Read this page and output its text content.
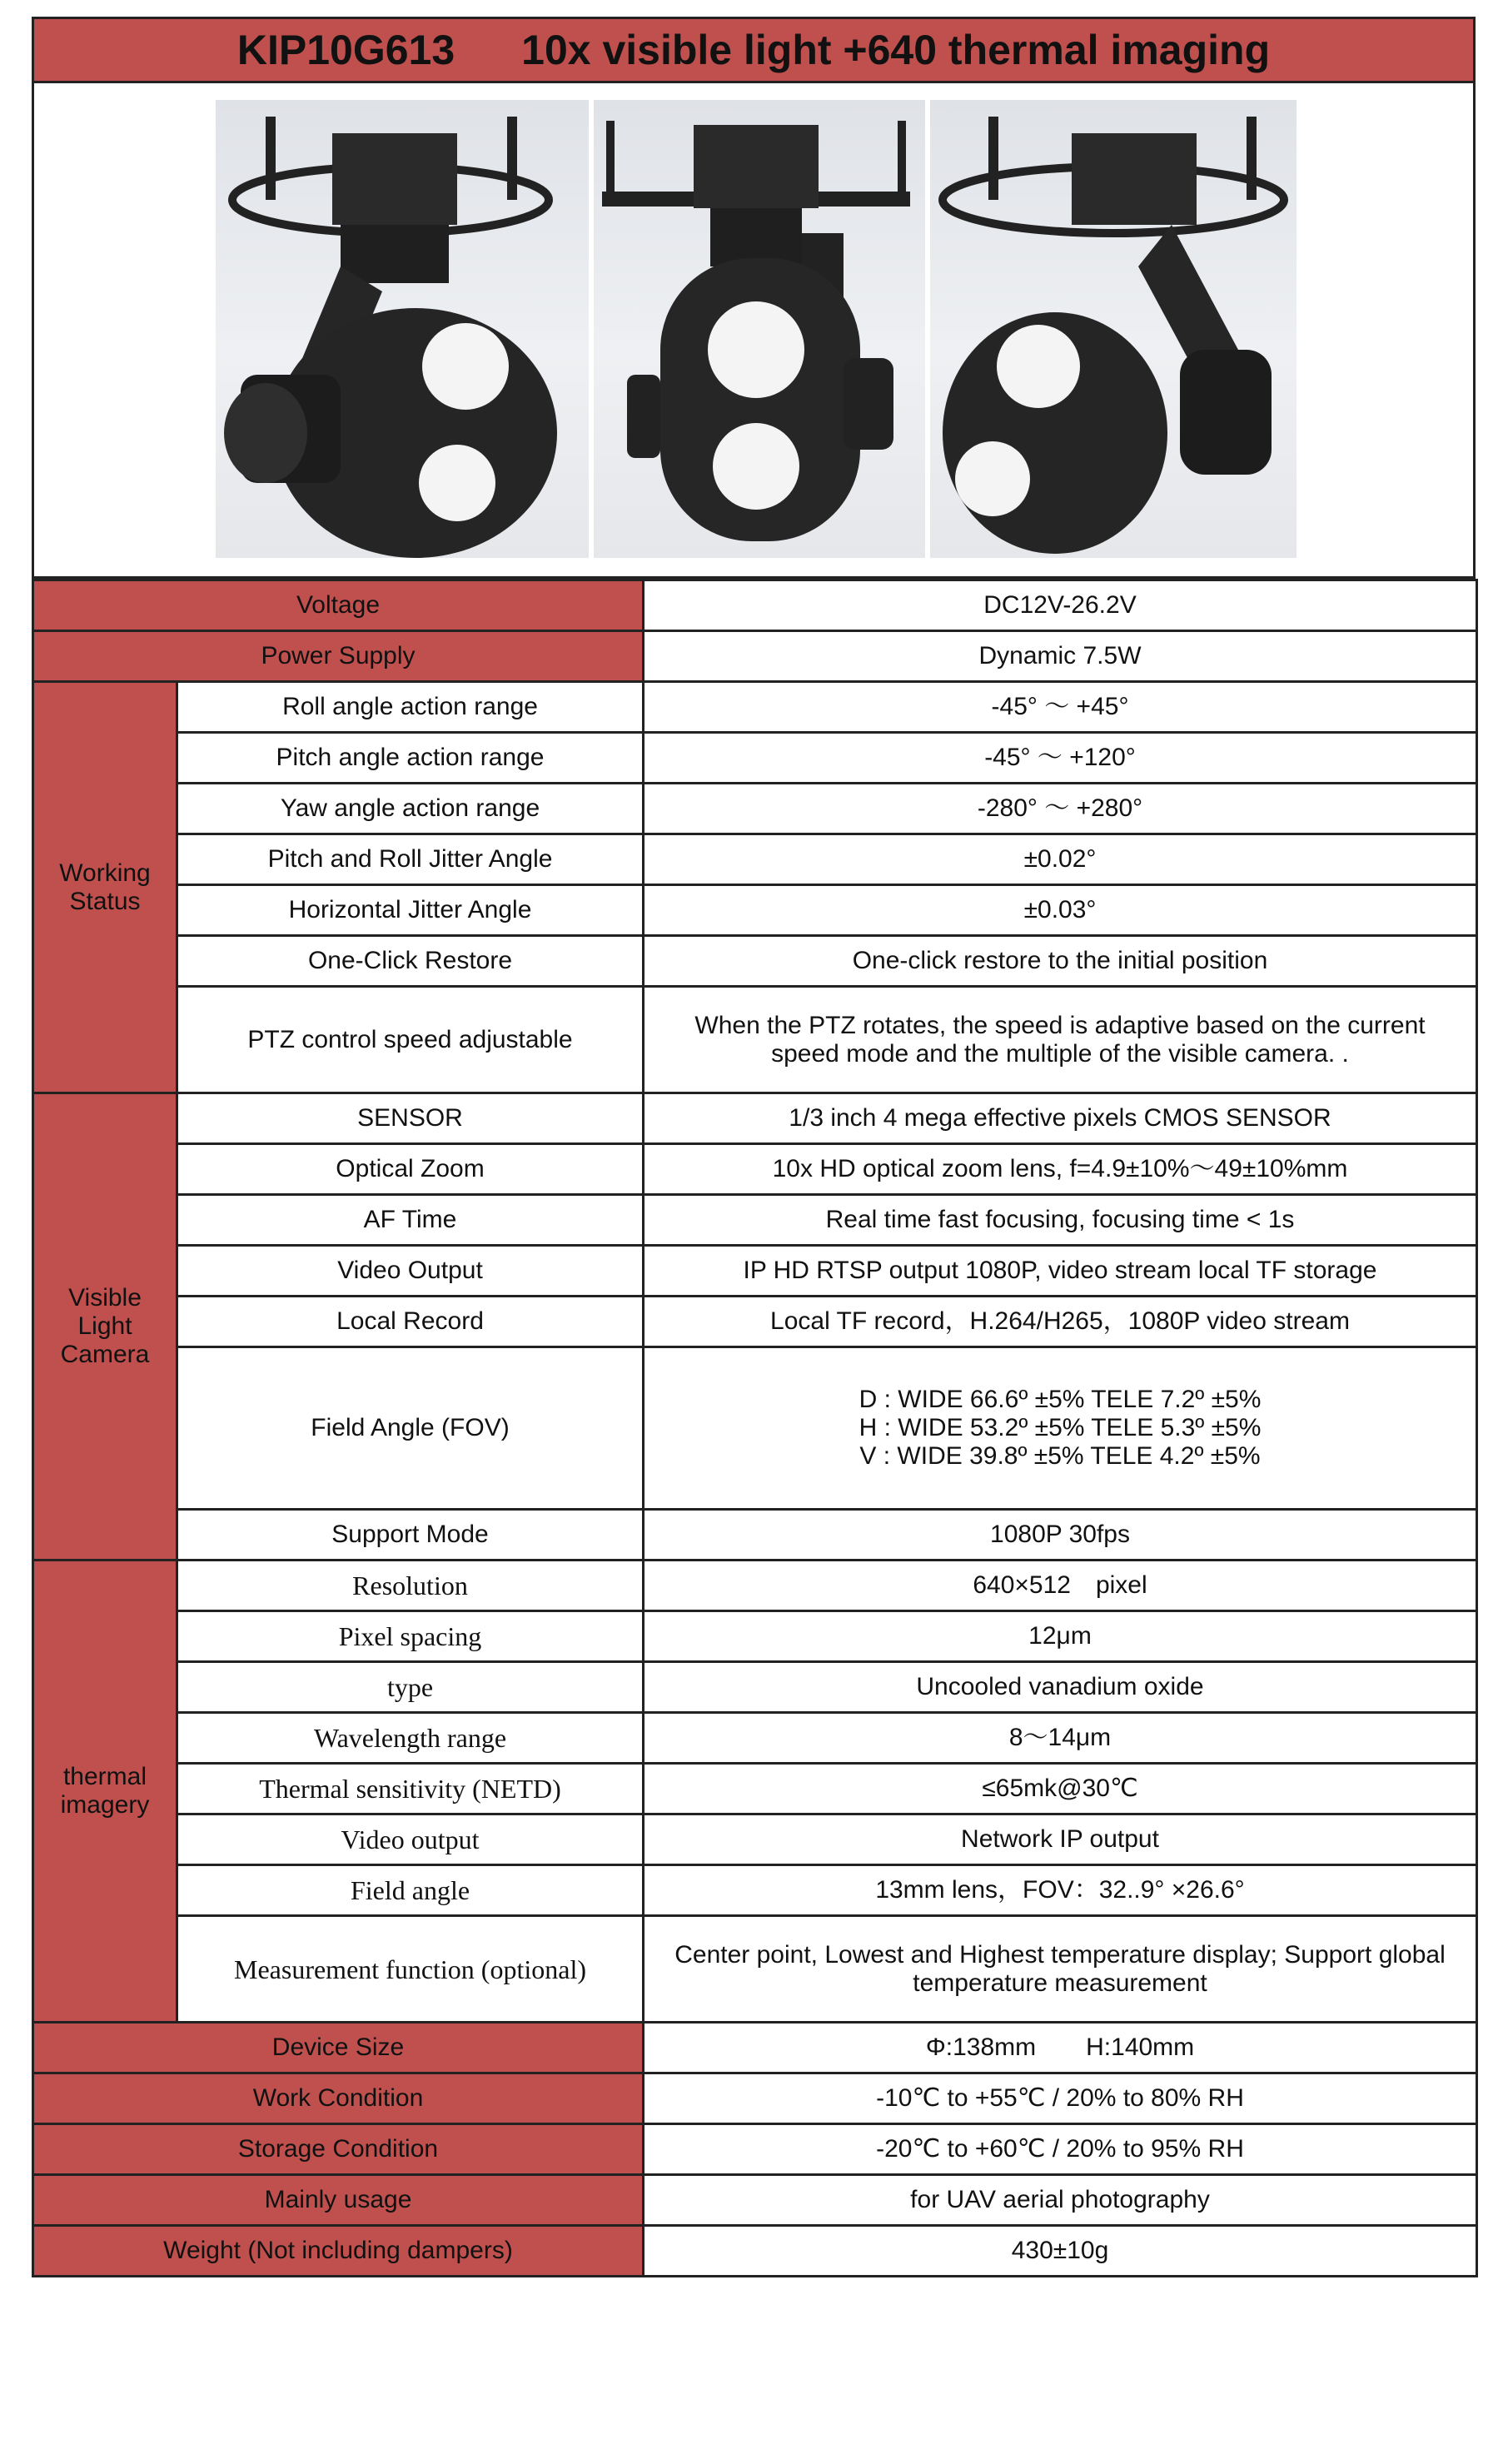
KIP10G613 10x visible light +640 thermal imaging
Voltage		DC12V-26.2V
Power Supply		Dynamic 7.5W

Working
Status	Roll angle action range	-45° ～ +45°
	Pitch angle action range	-45° ～ +120°
	Yaw angle action range	-280° ～ +280°
	Pitch and Roll Jitter Angle	±0.02°
	Horizontal Jitter Angle	±0.03°
	One-Click Restore	One-click restore to the initial position
	PTZ control speed adjustable	When the PTZ rotates, the speed is adaptive based on the current
speed mode and the multiple of the visible camera. .

Visible
Light
Camera	SENSOR	1/3 inch 4 mega effective pixels CMOS SENSOR
	Optical Zoom	10x HD optical zoom lens, f=4.9±10%～49±10%mm
	AF Time	Real time fast focusing, focusing time < 1s
	Video Output	IP HD RTSP output 1080P, video stream local TF storage
	Local Record	Local TF record，H.264/H265，1080P video stream
	Field Angle (FOV)	D : WIDE 66.6º ±5% TELE 7.2º ±5%
H : WIDE 53.2º ±5% TELE 5.3º ±5%
V : WIDE 39.8º ±5% TELE 4.2º ±5%

	Support Mode	1080P 30fps

thermal
imagery	Resolution	640×512　pixel
	Pixel spacing	12μm
	type	Uncooled vanadium oxide
	Wavelength range	8～14μm
	Thermal sensitivity (NETD)	≤65mk@30℃
	Video output	Network IP output
	Field angle	13mm lens，FOV：32..9° ×26.6°
	Measurement function (optional)	Center point, Lowest and Highest temperature display; Support global
temperature measurement

Device Size		Φ:138mm　　H:140mm
Work Condition		-10℃ to +55℃ / 20% to 80% RH
Storage Condition		-20℃ to +60℃ / 20% to 95% RH
Mainly usage		for UAV aerial photography
Weight (Not including dampers)		430±10g
